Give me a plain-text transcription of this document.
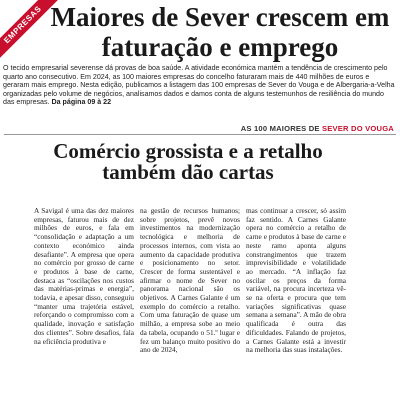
EMPRESAS Maiores de Sever crescem em faturação e emprego

O tecido empresarial severense dá provas de boa saúde. A atividade económica mantém a tendência de crescimento pelo quarto ano consecutivo. Em 2024, as 100 maiores empresas do concelho faturaram mais de 440 milhões de euros e geraram mais emprego. Nesta edição, publicamos a listagem das 100 empresas de Sever do Vouga e de Albergaria-a-Velha organizadas pelo volume de negócios, analisamos dados e damos conta de alguns testemunhos de resiliência do mundo das empresas. Da página 09 à 22

AS 100 MAIORES DE SEVER DO VOUGA
Comércio grossista e a retalho também dão cartas

A Savigal é uma das dez maiores empresas, faturou mais de dez milhões de euros, e fala em “consolidação e adaptação a um contexto económico ainda desafiante”. A empresa que opera no comércio por grosso de carne e produtos à base de carne, destaca as “oscilações nos custos das matérias-primas e energia”, todavia, e apesar disso, conseguiu “manter uma trajetória estável, reforçando o compromisso com a qualidade, inovação e satisfação dos clientes”. Sobre desafios, fala na eficiência produtiva e

na gestão de recursos humanos; sobre projetos, prevê novos investimentos na modernização tecnológica e melhoria de processos internos, com vista ao aumento da capacidade produtiva e posicionamento no setor. Crescer de forma sustentável e afirmar o nome de Sever no panorama nacional são os objetivos. A Carnes Galante é um exemplo do comércio a retalho. Com uma faturação de quase um milhão, a empresa sobe ao meio da tabela, ocupando o 51.º lugar e fez um balanço muito positivo do ano de 2024,

mas continuar a crescer, só assim faz sentido. A Carnes Galante opera no comércio a retalho de carne e produtos à base de carne e neste ramo aponta alguns constrangimentos que trazem imprevisibilidade e volatilidade ao mercado. “A inflação faz oscilar os preços da forma variável, na procura incerteza vê-se na oferta e procura que tem variações significativas quase semana a semana”. A mão de obra qualificada é outra das dificuldades. Falando de projetos, a Carnes Galante está a investir na melhoria das suas instalações.
